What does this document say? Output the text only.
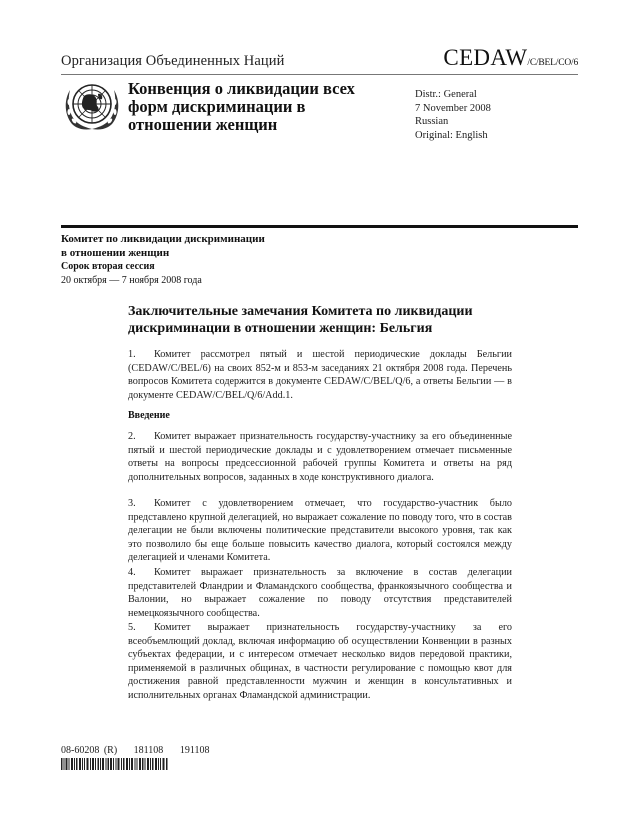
Организация Объединенных Наций	CEDAW/C/BEL/CO/6
Конвенция о ликвидации всех форм дискриминации в отношении женщин
Distr.: General
7 November 2008
Russian
Original: English
Комитет по ликвидации дискриминации
в отношении женщин
Сорок вторая сессия
20 октября — 7 ноября 2008 года
Заключительные замечания Комитета по ликвидации дискриминации в отношении женщин: Бельгия
1. Комитет рассмотрел пятый и шестой периодические доклады Бельгии (CEDAW/C/BEL/6) на своих 852-м и 853-м заседаниях 21 октября 2008 года. Перечень вопросов Комитета содержится в документе CEDAW/C/BEL/Q/6, а ответы Бельгии — в документе CEDAW/C/BEL/Q/6/Add.1.
Введение
2. Комитет выражает признательность государству-участнику за его объединенные пятый и шестой периодические доклады и с удовлетворением отмечает письменные ответы на вопросы предсессионной рабочей группы Комитета и ответы на ряд дополнительных вопросов, заданных в ходе конструктивного диалога.
3. Комитет с удовлетворением отмечает, что государство-участник было представлено крупной делегацией, но выражает сожаление по поводу того, что в состав делегации не были включены политические представители высокого уровня, так как это позволило бы еще больше повысить качество диалога, который состоялся между делегацией и членами Комитета.
4. Комитет выражает признательность за включение в состав делегации представителей Фландрии и Фламандского сообщества, франкоязычного сообщества и Валонии, но выражает сожаление по поводу отсутствия представителей немецкоязычного сообщества.
5. Комитет выражает признательность государству-участнику за его всеобъемлющий доклад, включая информацию об осуществлении Конвенции в разных субъектах федерации, и с интересом отмечает несколько видов передовой практики, применяемой в различных общинах, в частности регулирование с помощью квот для достижения равной представленности мужчин и женщин в консультативных и исполнительных органах Фламандской администрации.
08-60208 (R) 181108 191108
